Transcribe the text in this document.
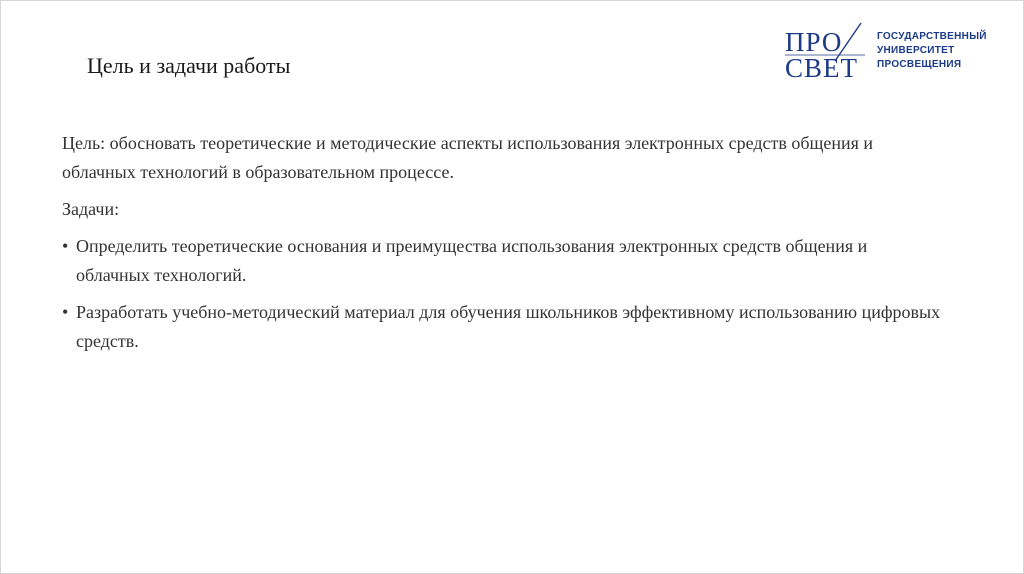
Цель и задачи работы
ПРО
СВЕТ
ГОСУДАРСТВЕННЫЙ
УНИВЕРСИТЕТ
ПРОСВЕЩЕНИЯ

Цель: обосновать теоретические и методические аспекты использования электронных средств общения и облачных технологий в образовательном процессе.

Задачи:

• Определить теоретические основания и преимущества использования электронных средств общения и облачных технологий.
• Разработать учебно-методический материал для обучения школьников эффективному использованию цифровых средств.
